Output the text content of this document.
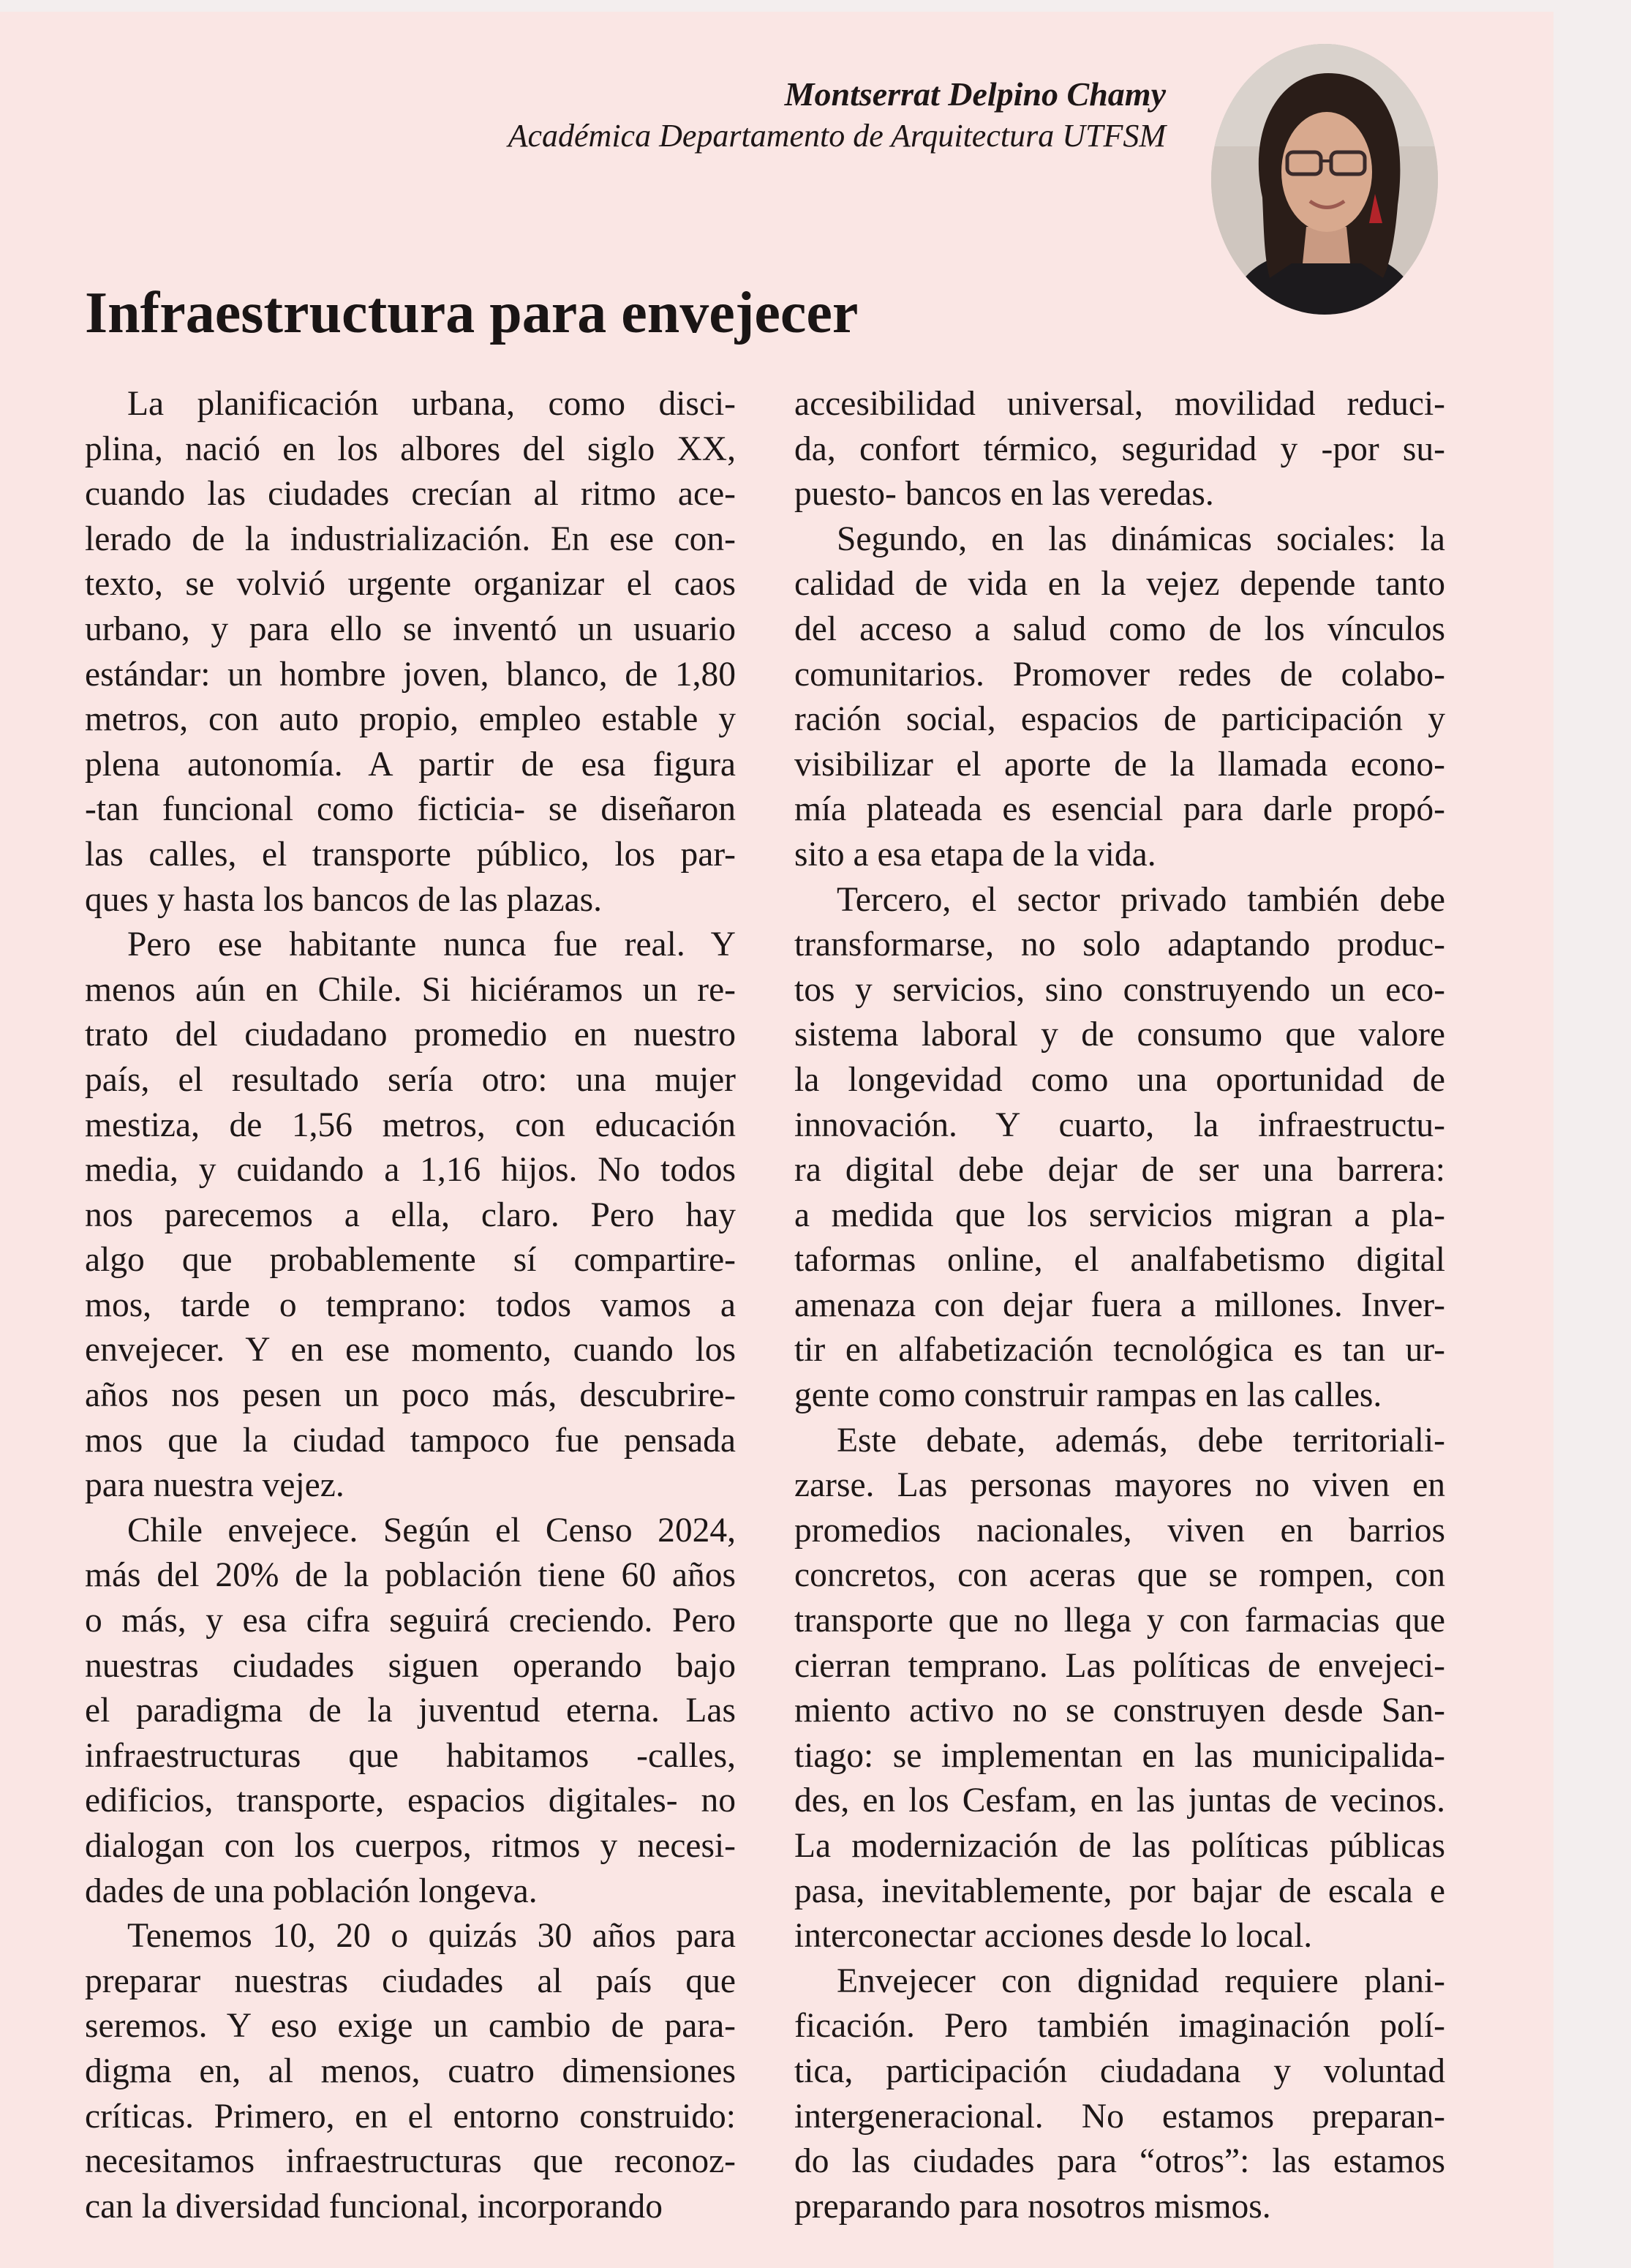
Montserrat Delpino Chamy
Académica Departamento de Arquitectura UTFSM
Infraestructura para envejecer

La planificación urbana, como disci-
plina, nació en los albores del siglo XX,
cuando las ciudades crecían al ritmo ace-
lerado de la industrialización. En ese con-
texto, se volvió urgente organizar el caos
urbano, y para ello se inventó un usuario
estándar: un hombre joven, blanco, de 1,80
metros, con auto propio, empleo estable y
plena autonomía. A partir de esa figura
-tan funcional como ficticia- se diseñaron
las calles, el transporte público, los par-
ques y hasta los bancos de las plazas.

Pero ese habitante nunca fue real. Y
menos aún en Chile. Si hiciéramos un re-
trato del ciudadano promedio en nuestro
país, el resultado sería otro: una mujer
mestiza, de 1,56 metros, con educación
media, y cuidando a 1,16 hijos. No todos
nos parecemos a ella, claro. Pero hay
algo que probablemente sí compartire-
mos, tarde o temprano: todos vamos a
envejecer. Y en ese momento, cuando los
años nos pesen un poco más, descubrire-
mos que la ciudad tampoco fue pensada
para nuestra vejez.

Chile envejece. Según el Censo 2024,
más del 20% de la población tiene 60 años
o más, y esa cifra seguirá creciendo. Pero
nuestras ciudades siguen operando bajo
el paradigma de la juventud eterna. Las
infraestructuras que habitamos -calles,
edificios, transporte, espacios digitales- no
dialogan con los cuerpos, ritmos y necesi-
dades de una población longeva.

Tenemos 10, 20 o quizás 30 años para
preparar nuestras ciudades al país que
seremos. Y eso exige un cambio de para-
digma en, al menos, cuatro dimensiones
críticas. Primero, en el entorno construido:
necesitamos infraestructuras que reconoz-
can la diversidad funcional, incorporando

accesibilidad universal, movilidad reduci-
da, confort térmico, seguridad y -por su-
puesto- bancos en las veredas.

Segundo, en las dinámicas sociales: la
calidad de vida en la vejez depende tanto
del acceso a salud como de los vínculos
comunitarios. Promover redes de colabo-
ración social, espacios de participación y
visibilizar el aporte de la llamada econo-
mía plateada es esencial para darle propó-
sito a esa etapa de la vida.

Tercero, el sector privado también debe
transformarse, no solo adaptando produc-
tos y servicios, sino construyendo un eco-
sistema laboral y de consumo que valore
la longevidad como una oportunidad de
innovación. Y cuarto, la infraestructu-
ra digital debe dejar de ser una barrera:
a medida que los servicios migran a pla-
taformas online, el analfabetismo digital
amenaza con dejar fuera a millones. Inver-
tir en alfabetización tecnológica es tan ur-
gente como construir rampas en las calles.

Este debate, además, debe territoriali-
zarse. Las personas mayores no viven en
promedios nacionales, viven en barrios
concretos, con aceras que se rompen, con
transporte que no llega y con farmacias que
cierran temprano. Las políticas de envejeci-
miento activo no se construyen desde San-
tiago: se implementan en las municipalida-
des, en los Cesfam, en las juntas de vecinos.
La modernización de las políticas públicas
pasa, inevitablemente, por bajar de escala e
interconectar acciones desde lo local.

Envejecer con dignidad requiere plani-
ficación. Pero también imaginación polí-
tica, participación ciudadana y voluntad
intergeneracional. No estamos preparan-
do las ciudades para “otros”: las estamos
preparando para nosotros mismos.
